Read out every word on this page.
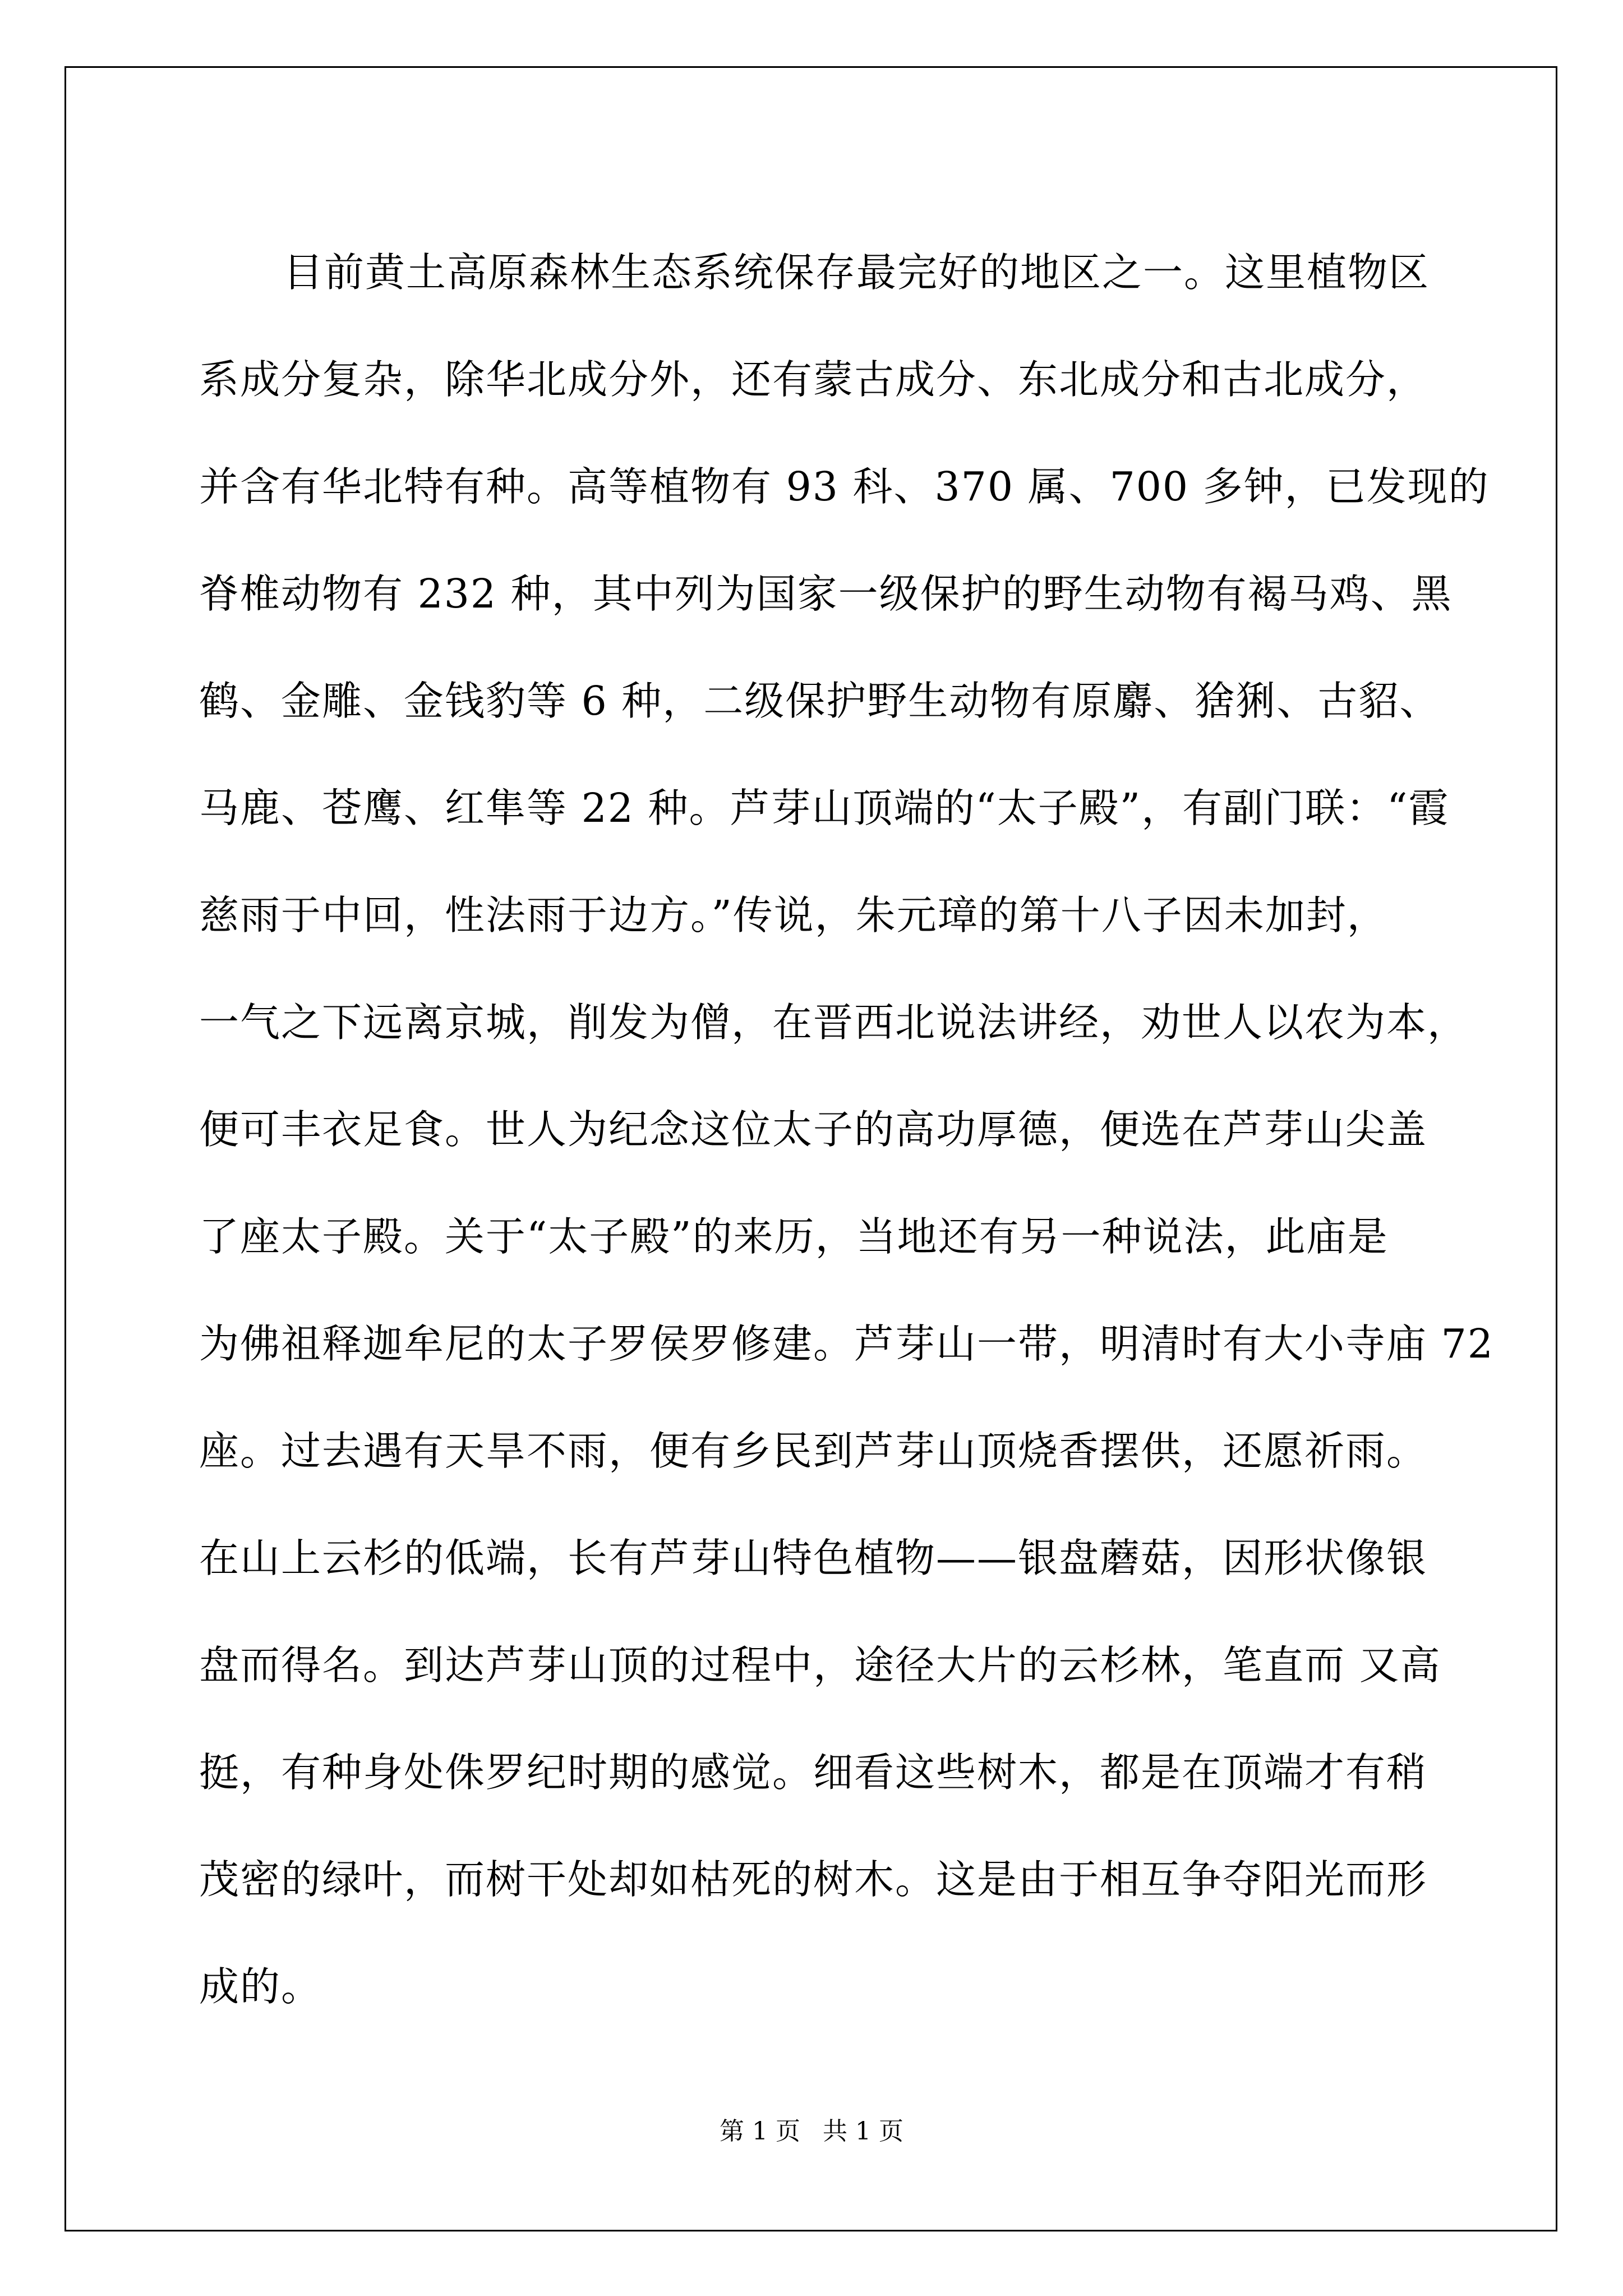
目前黄土高原森林生态系统保存最完好的地区之一。这里植物区
系成分复杂，除华北成分外，还有蒙古成分、东北成分和古北成分，
并含有华北特有种。高等植物有 93 科、370 属、700 多钟，已发现的
脊椎动物有 232 种，其中列为国家一级保护的野生动物有褐马鸡、黑
鹤、金雕、金钱豹等 6 种，二级保护野生动物有原麝、猞猁、古貂、
马鹿、苍鹰、红隼等 22 种。芦芽山顶端的“太子殿”，有副门联：“霞
慈雨于中回，性法雨于边方。”传说，朱元璋的第十八子因未加封，
一气之下远离京城，削发为僧，在晋西北说法讲经，劝世人以农为本，
便可丰衣足食。世人为纪念这位太子的高功厚德，便选在芦芽山尖盖
了座太子殿。关于“太子殿”的来历，当地还有另一种说法，此庙是
为佛祖释迦牟尼的太子罗侯罗修建。芦芽山一带，明清时有大小寺庙 72
座。过去遇有天旱不雨，便有乡民到芦芽山顶烧香摆供，还愿祈雨。
在山上云杉的低端，长有芦芽山特色植物——银盘蘑菇，因形状像银
盘而得名。到达芦芽山顶的过程中，途径大片的云杉林，笔直而 又高
挺，有种身处侏罗纪时期的感觉。细看这些树木，都是在顶端才有稍
茂密的绿叶，而树干处却如枯死的树木。这是由于相互争夺阳光而形
成的。
第 1 页 共 1 页
